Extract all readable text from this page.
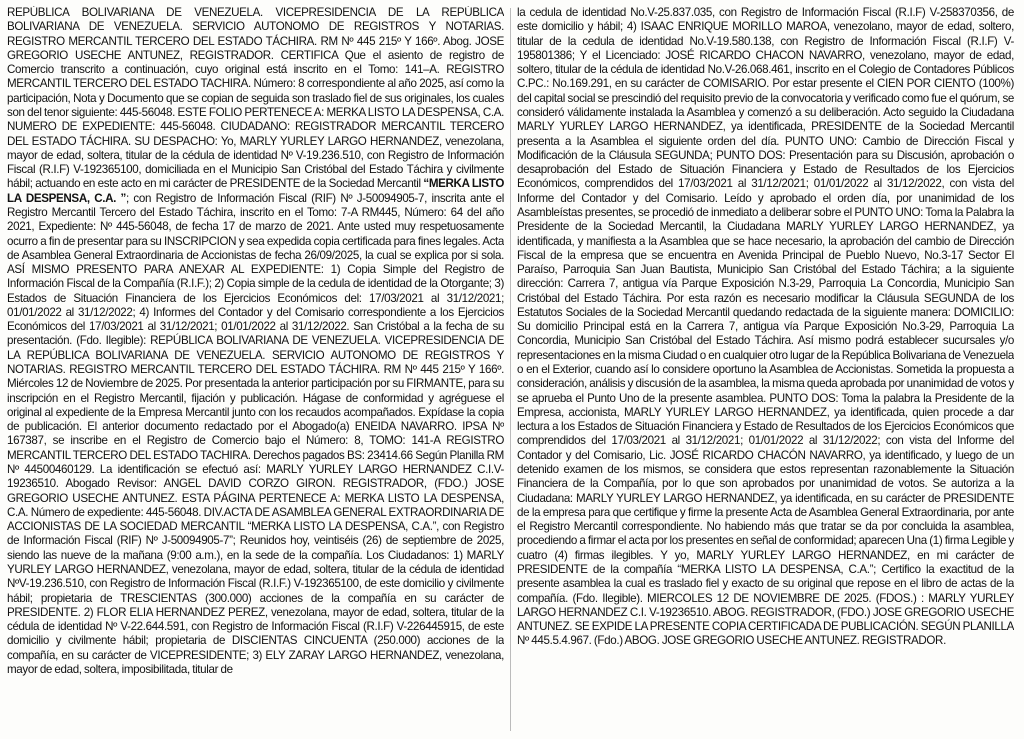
REPÚBLICA BOLIVARIANA DE VENEZUELA. VICEPRESIDENCIA DE LA REPÚBLICA BOLIVARIANA DE VENEZUELA. SERVICIO AUTONOMO DE REGISTROS Y NOTARIAS. REGISTRO MERCANTIL TERCERO DEL ESTADO TÁCHIRA. RM Nº 445 215º Y 166º. Abog. JOSE GREGORIO USECHE ANTUNEZ, REGISTRADOR. CERTIFICA Que el asiento de registro de Comercio transcrito a continuación, cuyo original está inscrito en el Tomo: 141–A. REGISTRO MERCANTIL TERCERO DEL ESTADO TACHIRA. Número: 8 correspondiente al año 2025, así como la participación, Nota y Documento que se copian de seguida son traslado fiel de sus originales, los cuales son del tenor siguiente: 445-56048. ESTE FOLIO PERTENECE A: MERKA LISTO LA DESPENSA, C.A. NUMERO DE EXPEDIENTE: 445-56048. CIUDADANO: REGISTRADOR MERCANTIL TERCERO DEL ESTADO TÁCHIRA. SU DESPACHO: Yo, MARLY YURLEY LARGO HERNANDEZ, venezolana, mayor de edad, soltera, titular de la cédula de identidad Nº V-19.236.510, con Registro de Información Fiscal (R.I.F) V-192365100, domiciliada en el Municipio San Cristóbal del Estado Táchira y civilmente hábil; actuando en este acto en mi carácter de PRESIDENTE de la Sociedad Mercantil “MERKA LISTO LA DESPENSA, C.A. ”; con Registro de Información Fiscal (RIF) Nº J-50094905-7, inscrita ante el Registro Mercantil Tercero del Estado Táchira, inscrito en el Tomo: 7-A RM445, Número: 64 del año 2021, Expediente: Nº 445-56048, de fecha 17 de marzo de 2021. Ante usted muy respetuosamente ocurro a fin de presentar para su INSCRIPCION y sea expedida copia certificada para fines legales. Acta de Asamblea General Extraordinaria de Accionistas de fecha 26/09/2025, la cual se explica por si sola. ASÍ MISMO PRESENTO PARA ANEXAR AL EXPEDIENTE: 1) Copia Simple del Registro de Información Fiscal de la Compañía (R.I.F.); 2) Copia simple de la cedula de identidad de la Otorgante; 3) Estados de Situación Financiera de los Ejercicios Económicos del: 17/03/2021 al 31/12/2021; 01/01/2022 al 31/12/2022; 4) Informes del Contador y del Comisario correspondiente a los Ejercicios Económicos del 17/03/2021 al 31/12/2021; 01/01/2022 al 31/12/2022. San Cristóbal a la fecha de su presentación. (Fdo. Ilegible): REPÚBLICA BOLIVARIANA DE VENEZUELA. VICEPRESIDENCIA DE LA REPÚBLICA BOLIVARIANA DE VENEZUELA. SERVICIO AUTONOMO DE REGISTROS Y NOTARIAS. REGISTRO MERCANTIL TERCERO DEL ESTADO TÁCHIRA. RM Nº 445 215º Y 166º. Miércoles 12 de Noviembre de 2025. Por presentada la anterior participación por su FIRMANTE, para su inscripción en el Registro Mercantil, fijación y publicación. Hágase de conformidad y agréguese el original al expediente de la Empresa Mercantil junto con los recaudos acompañados. Expídase la copia de publicación. El anterior documento redactado por el Abogado(a) ENEIDA NAVARRO. IPSA Nº 167387, se inscribe en el Registro de Comercio bajo el Número: 8, TOMO: 141-A REGISTRO MERCANTIL TERCERO DEL ESTADO TACHIRA. Derechos pagados BS: 23414.66 Según Planilla RM Nº 44500460129. La identificación se efectuó así: MARLY YURLEY LARGO HERNANDEZ C.I.V-19236510. Abogado Revisor: ANGEL DAVID CORZO GIRON. REGISTRADOR, (FDO.) JOSE GREGORIO USECHE ANTUNEZ. ESTA PÁGINA PERTENECE A: MERKA LISTO LA DESPENSA, C.A. Número de expediente: 445-56048. DIV.ACTA DE ASAMBLEA GENERAL EXTRAORDINARIA DE ACCIONISTAS DE LA SOCIEDAD MERCANTIL “MERKA LISTO LA DESPENSA, C.A.”, con Registro de Información Fiscal (RIF) Nº J-50094905-7”; Reunidos hoy, veintiséis (26) de septiembre de 2025, siendo las nueve de la mañana (9:00 a.m.), en la sede de la compañía. Los Ciudadanos: 1) MARLY YURLEY LARGO HERNANDEZ, venezolana, mayor de edad, soltera, titular de la cédula de identidad NºV-19.236.510, con Registro de Información Fiscal (R.I.F.) V-192365100, de este domicilio y civilmente hábil; propietaria de TRESCIENTAS (300.000) acciones de la compañía en su carácter de PRESIDENTE. 2) FLOR ELIA HERNANDEZ PEREZ, venezolana, mayor de edad, soltera, titular de la cédula de identidad Nº V-22.644.591, con Registro de Información Fiscal (R.I.F) V-226445915, de este domicilio y civilmente hábil; propietaria de DISCIENTAS CINCUENTA (250.000) acciones de la compañía, en su carácter de VICEPRESIDENTE; 3) ELY ZARAY LARGO HERNANDEZ, venezolana, mayor de edad, soltera, imposibilitada, titular de

la cedula de identidad No.V-25.837.035, con Registro de Información Fiscal (R.I.F) V-258370356, de este domicilio y hábil; 4) ISAAC ENRIQUE MORILLO MAROA, venezolano, mayor de edad, soltero, titular de la cedula de identidad No.V-19.580.138, con Registro de Información Fiscal (R.I.F) V-195801386; Y el Licenciado: JOSÉ RICARDO CHACON NAVARRO, venezolano, mayor de edad, soltero, titular de la cédula de identidad No.V-26.068.461, inscrito en el Colegio de Contadores Públicos C.PC.: No.169.291, en su carácter de COMISARIO. Por estar presente el CIEN POR CIENTO (100%) del capital social se prescindió del requisito previo de la convocatoria y verificado como fue el quórum, se consideró válidamente instalada la Asamblea y comenzó a su deliberación. Acto seguido la Ciudadana MARLY YURLEY LARGO HERNANDEZ, ya identificada, PRESIDENTE de la Sociedad Mercantil presenta a la Asamblea el siguiente orden del día. PUNTO UNO: Cambio de Dirección Fiscal y Modificación de la Cláusula SEGUNDA; PUNTO DOS: Presentación para su Discusión, aprobación o desaprobación del Estado de Situación Financiera y Estado de Resultados de los Ejercicios Económicos, comprendidos del 17/03/2021 al 31/12/2021; 01/01/2022 al 31/12/2022, con vista del Informe del Contador y del Comisario. Leído y aprobado el orden día, por unanimidad de los Asambleístas presentes, se procedió de inmediato a deliberar sobre el PUNTO UNO: Toma la Palabra la Presidente de la Sociedad Mercantil, la Ciudadana MARLY YURLEY LARGO HERNANDEZ, ya identificada, y manifiesta a la Asamblea que se hace necesario, la aprobación del cambio de Dirección Fiscal de la empresa que se encuentra en Avenida Principal de Pueblo Nuevo, No.3-17 Sector El Paraíso, Parroquia San Juan Bautista, Municipio San Cristóbal del Estado Táchira; a la siguiente dirección: Carrera 7, antigua vía Parque Exposición N.3-29, Parroquia La Concordia, Municipio San Cristóbal del Estado Táchira. Por esta razón es necesario modificar la Cláusula SEGUNDA de los Estatutos Sociales de la Sociedad Mercantil quedando redactada de la siguiente manera: DOMICILIO: Su domicilio Principal está en la Carrera 7, antigua vía Parque Exposición No.3-29, Parroquia La Concordia, Municipio San Cristóbal del Estado Táchira. Así mismo podrá establecer sucursales y/o representaciones en la misma Ciudad o en cualquier otro lugar de la República Bolivariana de Venezuela o en el Exterior, cuando así lo considere oportuno la Asamblea de Accionistas. Sometida la propuesta a consideración, análisis y discusión de la asamblea, la misma queda aprobada por unanimidad de votos y se aprueba el Punto Uno de la presente asamblea. PUNTO DOS: Toma la palabra la Presidente de la Empresa, accionista, MARLY YURLEY LARGO HERNANDEZ, ya identificada, quien procede a dar lectura a los Estados de Situación Financiera y Estado de Resultados de los Ejercicios Económicos que comprendidos del 17/03/2021 al 31/12/2021; 01/01/2022 al 31/12/2022; con vista del Informe del Contador y del Comisario, Lic. JOSÉ RICARDO CHACÓN NAVARRO, ya identificado, y luego de un detenido examen de los mismos, se considera que estos representan razonablemente la Situación Financiera de la Compañía, por lo que son aprobados por unanimidad de votos. Se autoriza a la Ciudadana: MARLY YURLEY LARGO HERNANDEZ, ya identificada, en su carácter de PRESIDENTE de la empresa para que certifique y firme la presente Acta de Asamblea General Extraordinaria, por ante el Registro Mercantil correspondiente. No habiendo más que tratar se da por concluida la asamblea, procediendo a firmar el acta por los presentes en señal de conformidad; aparecen Una (1) firma Legible y cuatro (4) firmas ilegibles. Y yo, MARLY YURLEY LARGO HERNANDEZ, en mi carácter de PRESIDENTE de la compañía “MERKA LISTO LA DESPENSA, C.A.”; Certifico la exactitud de la presente asamblea la cual es traslado fiel y exacto de su original que repose en el libro de actas de la compañía. (Fdo. Ilegible). MIERCOLES 12 DE NOVIEMBRE DE 2025. (FDOS.) : MARLY YURLEY LARGO HERNANDEZ C.I. V-19236510. ABOG. REGISTRADOR, (FDO.) JOSE GREGORIO USECHE ANTUNEZ. SE EXPIDE LA PRESENTE COPIA CERTIFICADA DE PUBLICACIÓN. SEGÚN PLANILLA Nº 445.5.4.967. (Fdo.) ABOG. JOSE GREGORIO USECHE ANTUNEZ. REGISTRADOR.
